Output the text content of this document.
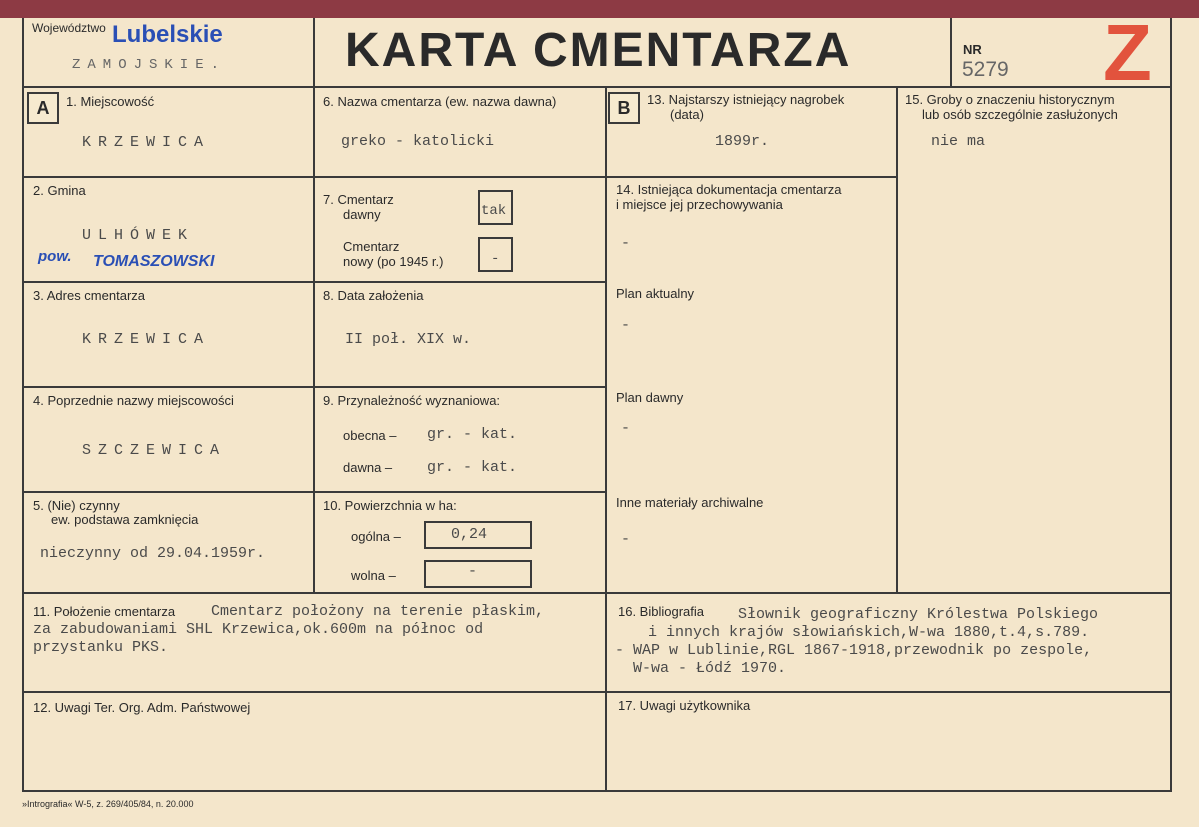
Województwo Lubelskie
ZAMOJSKIE. KARTA CMENTARZA	NR
5279 Z
A	B
1. Miejscowość
KRZEWICA
2. Gmina
ULHÓWEK
pow. TOMASZOWSKI
3. Adres cmentarza
KRZEWICA
4. Poprzednie nazwy miejscowości
SZCZEWICA
5. (Nie) czynny
ew. podstawa zamknięcia
nieczynny od 29.04.1959r.
6. Nazwa cmentarza (ew. nazwa dawna)
greko - katolicki
7. Cmentarz
dawny	tak
Cmentarz
nowy (po 1945 r.)	-
8. Data założenia
II poł. XIX w.
9. Przynależność wyznaniowa:
obecna – gr. - kat.
dawna – gr. - kat.
10. Powierzchnia w ha:
ogólna –	0,24
wolna –	-
13. Najstarszy istniejący nagrobek
(data)
1899r.
14. Istniejąca dokumentacja cmentarza
i miejsce jej przechowywania
-
Plan aktualny
-
Plan dawny
-
Inne materiały archiwalne
-
15. Groby o znaczeniu historycznym
lub osób szczególnie zasłużonych
nie ma
11. Położenie cmentarza Cmentarz położony na terenie płaskim,
za zabudowaniami SHL Krzewica,ok.600m na północ od
przystanku PKS.
16. Bibliografia Słownik geograficzny Królestwa Polskiego
i innych krajów słowiańskich,W-wa 1880,t.4,s.789.
- WAP w Lublinie,RGL 1867-1918,przewodnik po zespole,
W-wa - Łódź 1970.
12. Uwagi Ter. Org. Adm. Państwowej	17. Uwagi użytkownika
»Intrografia« W-5, z. 269/405/84, n. 20.000
